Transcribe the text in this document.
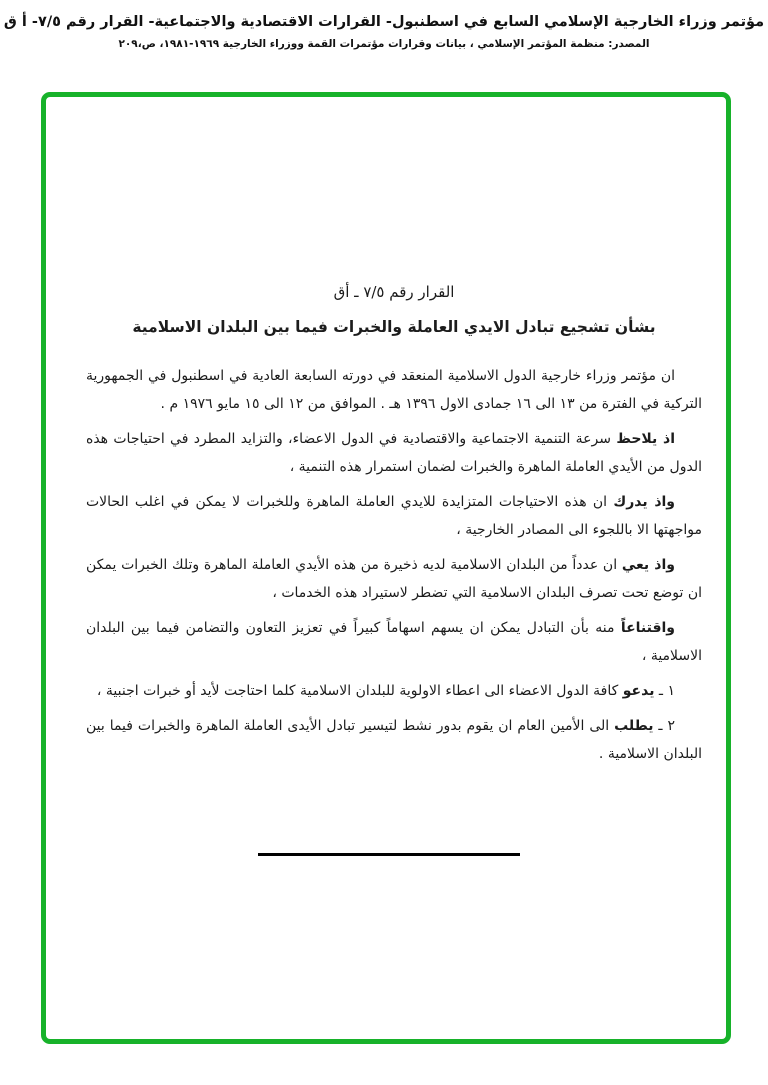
مؤتمر وزراء الخارجية الإسلامي السابع في اسطنبول- القرارات الاقتصادية والاجتماعية- القرار رقم ٧/٥- أ ق
المصدر: منظمة المؤتمر الإسلامي ، بيانات وقرارات مؤتمرات القمة ووزراء الخارجية ١٩٦٩-١٩٨١، ص،٢٠٩
القرار رقم ٧/٥ ـ أق
بشأن تشجيع تبادل الايدي العاملة والخبرات فيما بين البلدان الاسلامية

ان مؤتمر وزراء خارجية الدول الاسلامية المنعقد في دورته السابعة العادية في اسطنبول في الجمهورية التركية في الفترة من ١٣ الى ١٦ جمادى الاول ١٣٩٦ هـ . الموافق من ١٢ الى ١٥ مايو ١٩٧٦ م .

اذ يلاحظ سرعة التنمية الاجتماعية والاقتصادية في الدول الاعضاء، والتزايد المطرد في احتياجات هذه الدول من الأيدي العاملة الماهرة والخبرات لضمان استمرار هذه التنمية ،

واذ يدرك ان هذه الاحتياجات المتزايدة للايدي العاملة الماهرة وللخبرات لا يمكن في اغلب الحالات مواجهتها الا باللجوء الى المصادر الخارجية ،

واذ يعي ان عدداً من البلدان الاسلامية لديه ذخيرة من هذه الأيدي العاملة الماهرة وتلك الخبرات يمكن ان توضع تحت تصرف البلدان الاسلامية التي تضطر لاستيراد هذه الخدمات ،

واقتناعاً منه بأن التبادل يمكن ان يسهم اسهاماً كبيراً في تعزيز التعاون والتضامن فيما بين البلدان الاسلامية ،

١ ـ يدعو كافة الدول الاعضاء الى اعطاء الاولوية للبلدان الاسلامية كلما احتاجت لأيد أو خبرات اجنبية ،

٢ ـ يطلب الى الأمين العام ان يقوم بدور نشط لتيسير تبادل الأيدى العاملة الماهرة والخبرات فيما بين البلدان الاسلامية .
